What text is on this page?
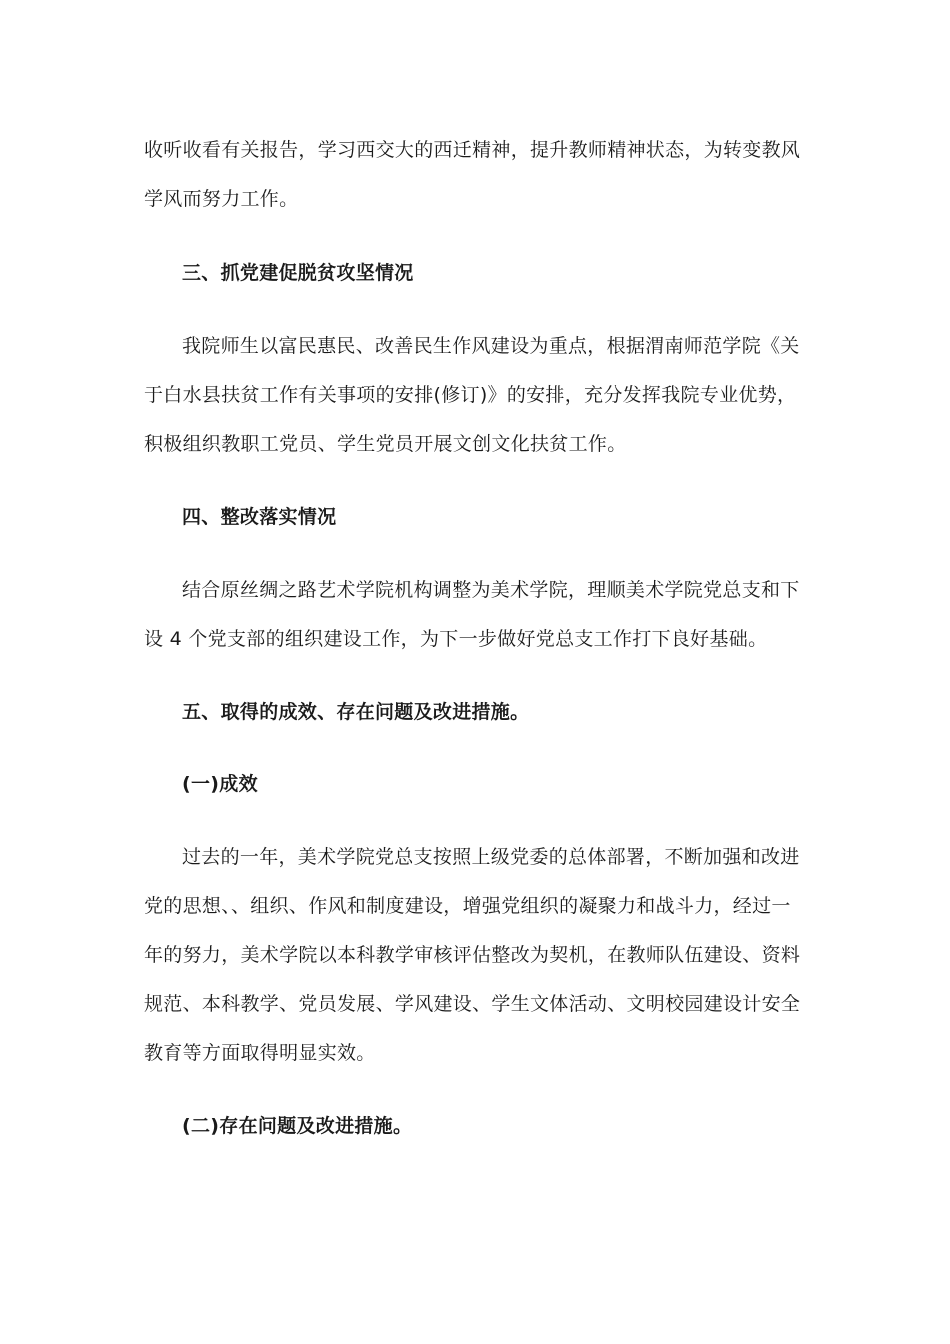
收听收看有关报告，学习西交大的西迁精神，提升教师精神状态，为转变教风
学风而努力工作。
三、抓党建促脱贫攻坚情况
我院师生以富民惠民、改善民生作风建设为重点，根据渭南师范学院《关
于白水县扶贫工作有关事项的安排(修订)》的安排，充分发挥我院专业优势，
积极组织教职工党员、学生党员开展文创文化扶贫工作。
四、整改落实情况
结合原丝绸之路艺术学院机构调整为美术学院，理顺美术学院党总支和下
设 4 个党支部的组织建设工作，为下一步做好党总支工作打下良好基础。
五、取得的成效、存在问题及改进措施。
(一)成效
过去的一年，美术学院党总支按照上级党委的总体部署，不断加强和改进
党的思想、、组织、作风和制度建设，增强党组织的凝聚力和战斗力，经过一
年的努力，美术学院以本科教学审核评估整改为契机，在教师队伍建设、资料
规范、本科教学、党员发展、学风建设、学生文体活动、文明校园建设计安全
教育等方面取得明显实效。
(二)存在问题及改进措施。
